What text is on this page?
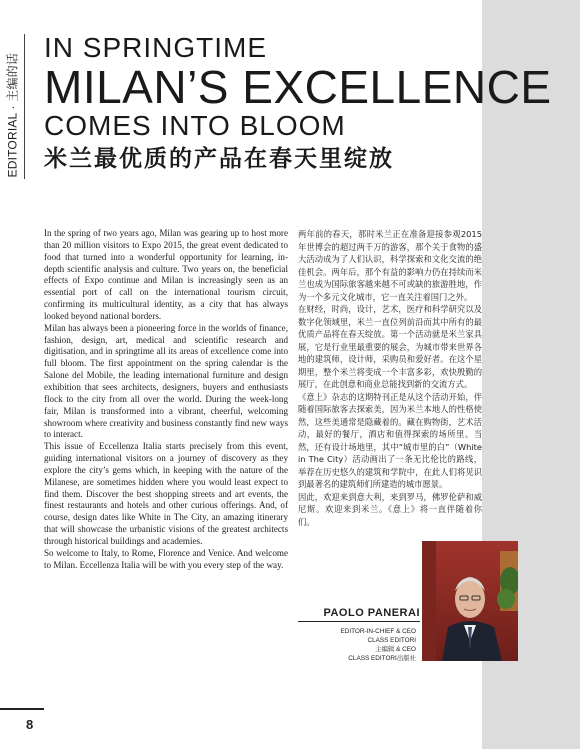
EDITORIAL · 主编的话
IN SPRINGTIME
MILAN’S EXCELLENCE
COMES INTO BLOOM
米兰最优质的产品在春天里绽放

In the spring of two years ago, Milan was gearing up to host more than 20 million visitors to Expo 2015, the great event dedicated to food that turned into a wonderful opportunity for learning, in-depth scientific analysis and culture. Two years on, the beneficial effects of Expo continue and Milan is increasingly seen as an essential port of call on the international tourism circuit, confirming its multicultural identity, as a city that has always looked beyond national borders.

Milan has always been a pioneering force in the worlds of finance, fashion, design, art, medical and scientific research and digitisation, and in springtime all its areas of excellence come into full bloom. The first appointment on the spring calendar is the Salone del Mobile, the leading international furniture and design exhibition that sees architects, designers, buyers and enthusiasts flock to the city from all over the world. During the week-long fair, Milan is transformed into a vibrant, cheerful, welcoming showroom where creativity and business constantly find new ways to interact.

This issue of Eccellenza Italia starts precisely from this event, guiding international visitors on a journey of discovery as they explore the city’s gems which, in keeping with the nature of the Milanese, are sometimes hidden where you would least expect to find them. Discover the best shopping streets and art events, the finest restaurants and hotels and other curious offerings. And, of course, design dates like White in The City, an amazing itinerary that will showcase the urbanistic visions of the greatest architects through historical buildings and academies.

So welcome to Italy, to Rome, Florence and Venice. And welcome to Milan. Eccellenza Italia will be with you every step of the way.

两年前的春天，那时米兰正在准备迎接参观2015年世博会的超过两千万的游客，那个关于食物的盛大活动成为了人们认识，科学探索和文化交流的绝佳机会。两年后，那个有益的影响力仍在持续而米兰也成为国际旅客越来越不可或缺的旅游胜地，作为一个多元文化城市，它一直关注着国门之外。

在财经，时尚，设计，艺术，医疗和科学研究以及数字化领域里，米兰一直位列前沿而其中所有的最优质产品将在春天绽放。第一个活动就是米兰家具展，它是行业里最重要的展会，为城市带来世界各地的建筑师，设计师，采购员和爱好者。在这个星期里，整个米兰将变成一个丰富多彩，欢快殷勤的展厅，在此创意和商业总能找到新的交流方式。

《意上》杂志的这期特刊正是从这个活动开始，伴随着国际旅客去探索美，因为米兰本地人的性格使然，这些美通常是隐藏着的。藏在购物街，艺术活动，最好的餐厅，酒店和值得探索的场所里。当然，还有设计场地里，其中“城市里的白”（White in The City）活动画出了一条无比伦比的路线，举荐在历史悠久的建筑和学院中，在此人们将见识到最著名的建筑师们所建造的城市愿景。

因此，欢迎来到意大利，来到罗马，佛罗伦萨和威尼斯。欢迎来到米兰。《意上》将一直伴随着你们。

PAOLO PANERAI
EDITOR-IN-CHIEF & CEO
CLASS EDITORI
主编辑 & CEO
CLASS EDITORI出版社
8
